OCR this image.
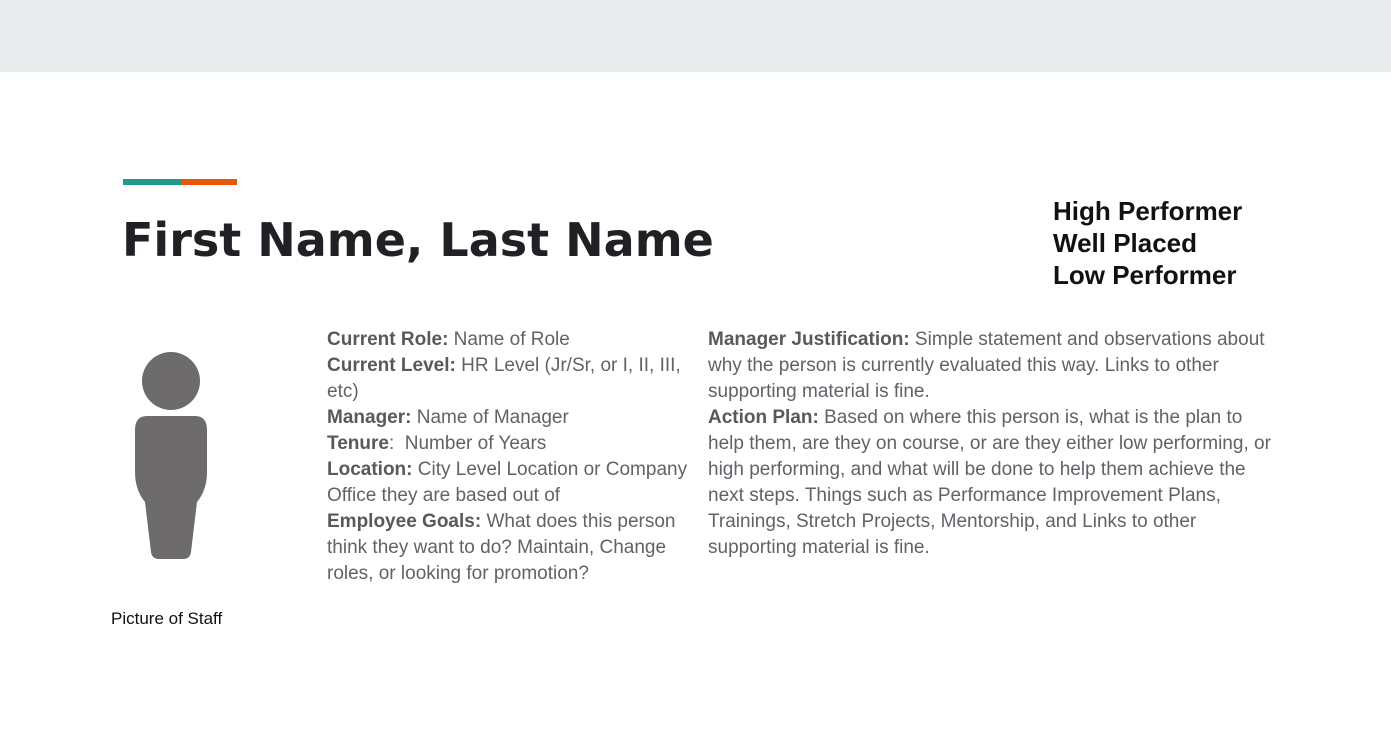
First Name, Last Name
High Performer
Well Placed
Low Performer
Picture of Staff

Current Role: Name of Role

Current Level: HR Level (Jr/Sr, or I, II, III, etc)

Manager: Name of Manager

Tenure:  Number of Years

Location: City Level Location or Company Office they are based out of

Employee Goals: What does this person think they want to do? Maintain, Change roles, or looking for promotion?

Manager Justification: Simple statement and observations about why the person is currently evaluated this way. Links to other supporting material is fine.

Action Plan: Based on where this person is, what is the plan to help them, are they on course, or are they either low performing, or high performing, and what will be done to help them achieve the next steps. Things such as Performance Improvement Plans, Trainings, Stretch Projects, Mentorship, and Links to other supporting material is fine.
